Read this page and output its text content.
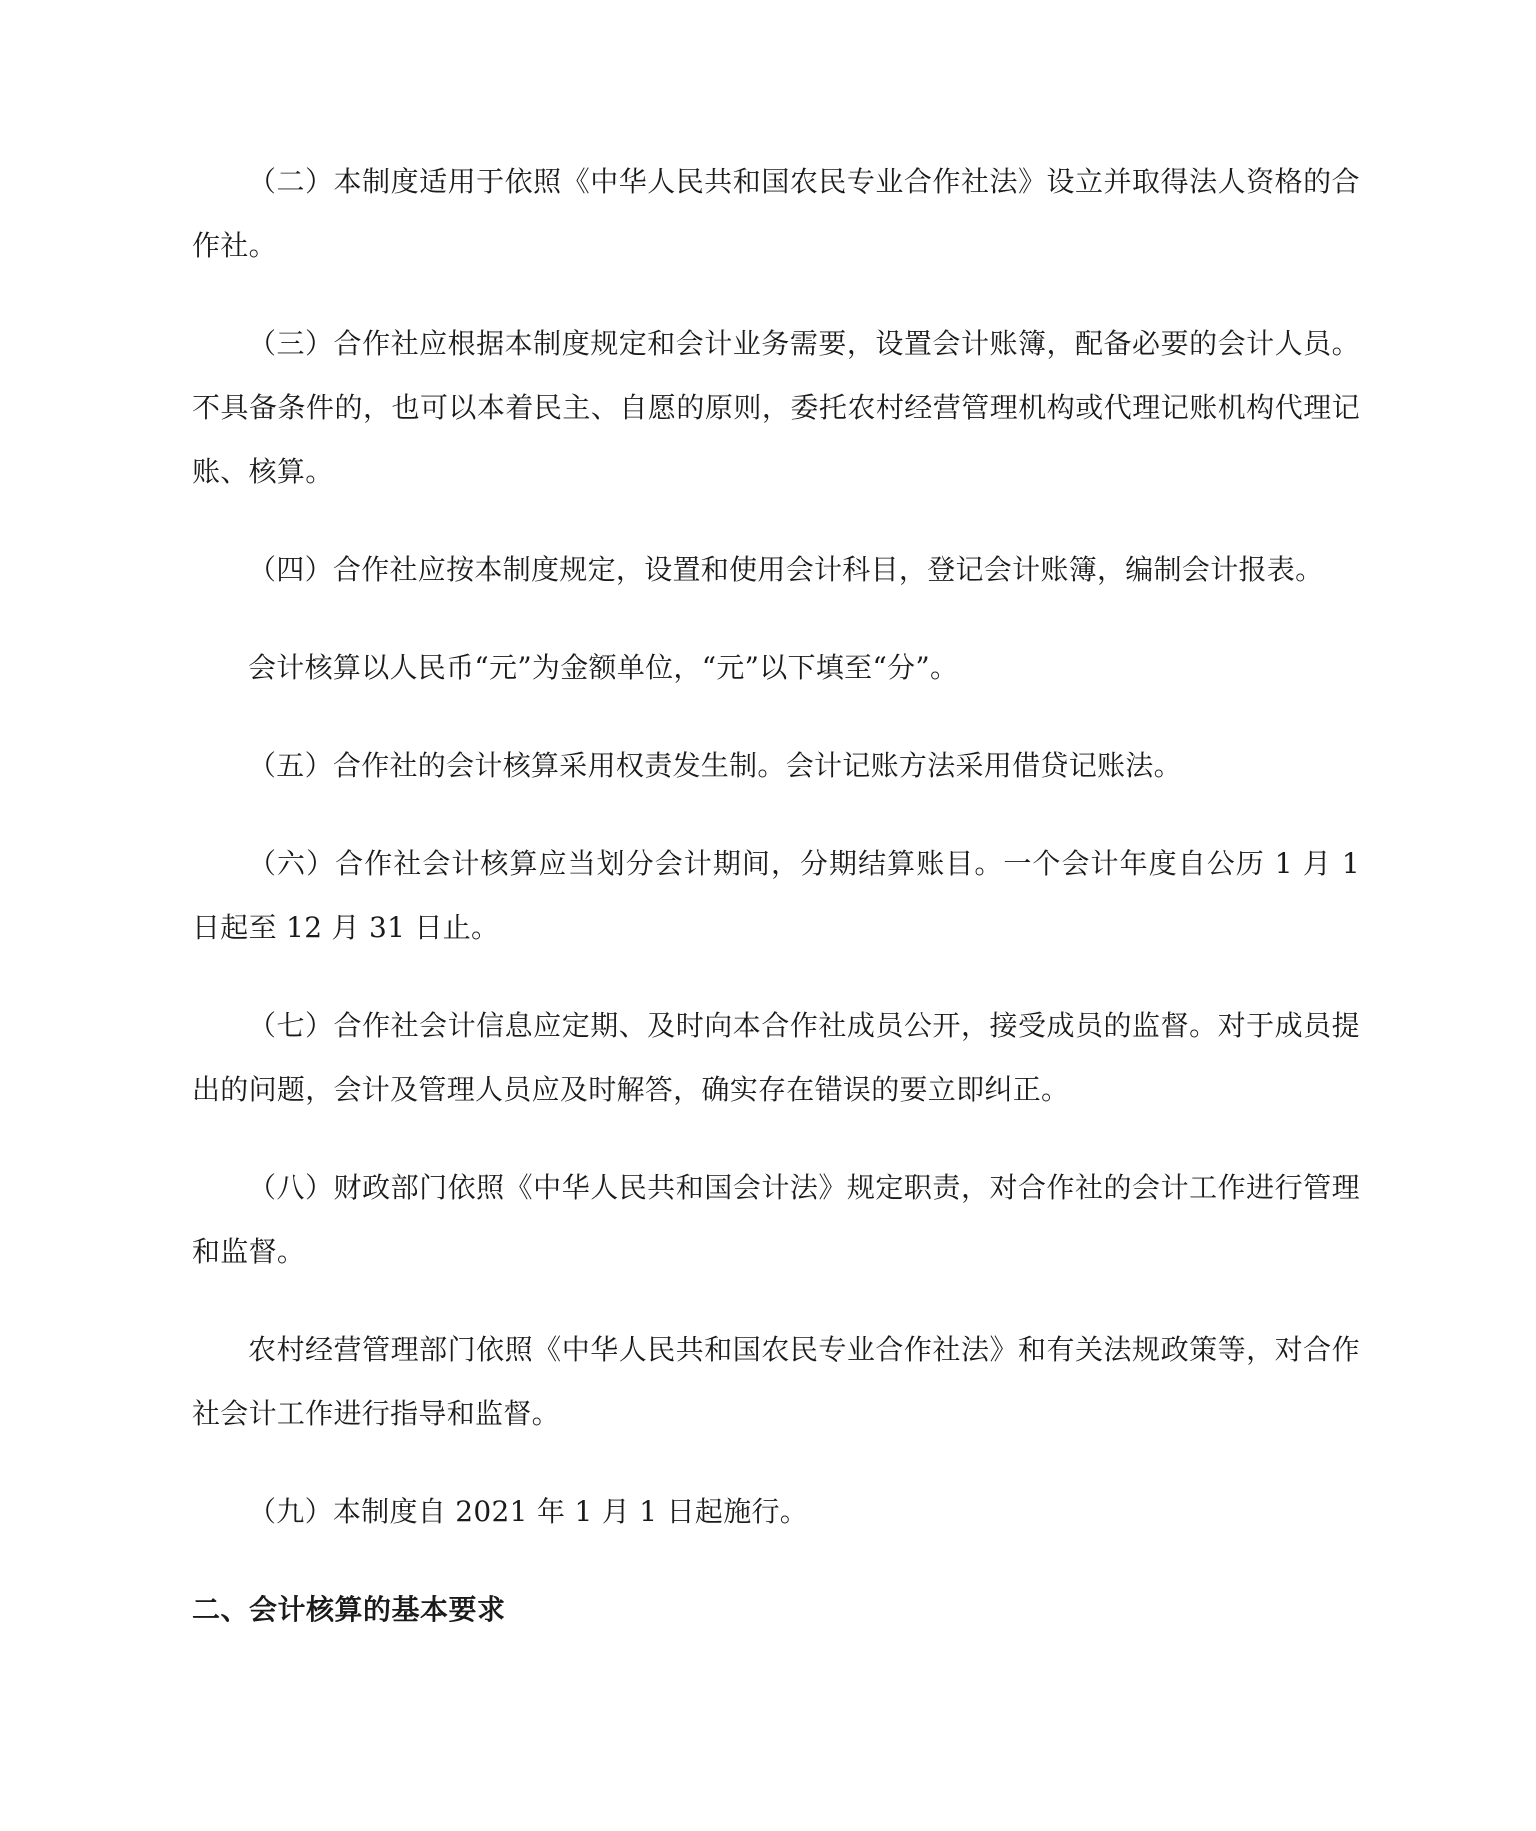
（二）本制度适用于依照《中华人民共和国农民专业合作社法》设立并取得法人资格的合作社。

（三）合作社应根据本制度规定和会计业务需要，设置会计账簿，配备必要的会计人员。不具备条件的，也可以本着民主、自愿的原则，委托农村经营管理机构或代理记账机构代理记账、核算。

（四）合作社应按本制度规定，设置和使用会计科目，登记会计账簿，编制会计报表。

会计核算以人民币“元”为金额单位，“元”以下填至“分”。

（五）合作社的会计核算采用权责发生制。会计记账方法采用借贷记账法。

（六）合作社会计核算应当划分会计期间，分期结算账目。一个会计年度自公历 1 月 1 日起至 12 月 31 日止。

（七）合作社会计信息应定期、及时向本合作社成员公开，接受成员的监督。对于成员提出的问题，会计及管理人员应及时解答，确实存在错误的要立即纠正。

（八）财政部门依照《中华人民共和国会计法》规定职责，对合作社的会计工作进行管理和监督。

农村经营管理部门依照《中华人民共和国农民专业合作社法》和有关法规政策等，对合作社会计工作进行指导和监督。

（九）本制度自 2021 年 1 月 1 日起施行。

二、会计核算的基本要求
